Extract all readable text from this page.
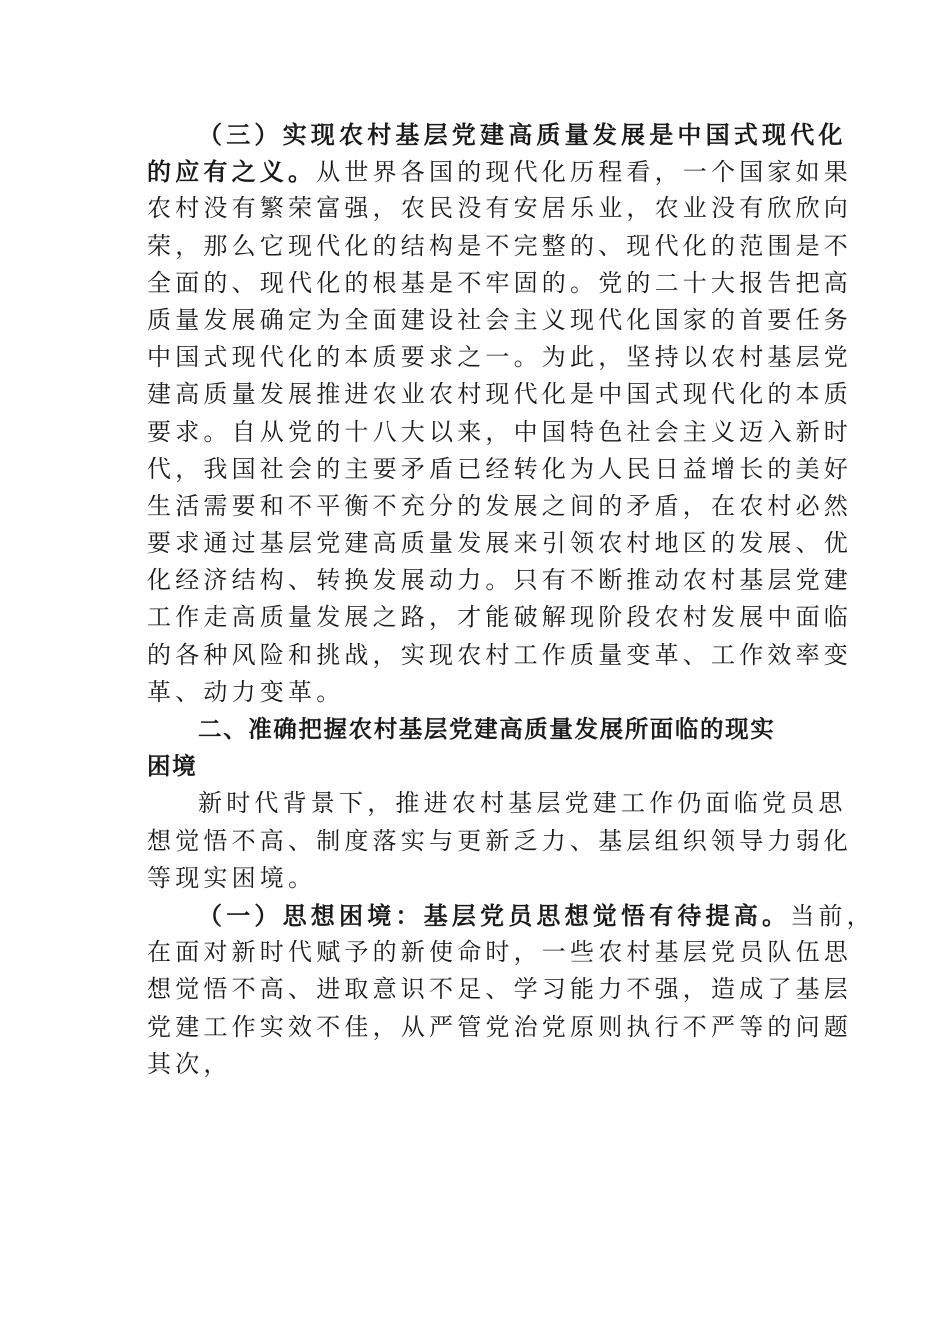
（三）实现农村基层党建高质量发展是中国式现代化
的应有之义。从世界各国的现代化历程看，一个国家如果
农村没有繁荣富强，农民没有安居乐业，农业没有欣欣向
荣，那么它现代化的结构是不完整的、现代化的范围是不
全面的、现代化的根基是不牢固的。党的二十大报告把高
质量发展确定为全面建设社会主义现代化国家的首要任务
中国式现代化的本质要求之一。为此，坚持以农村基层党
建高质量发展推进农业农村现代化是中国式现代化的本质
要求。自从党的十八大以来，中国特色社会主义迈入新时
代，我国社会的主要矛盾已经转化为人民日益增长的美好
生活需要和不平衡不充分的发展之间的矛盾，在农村必然
要求通过基层党建高质量发展来引领农村地区的发展、优
化经济结构、转换发展动力。只有不断推动农村基层党建
工作走高质量发展之路，才能破解现阶段农村发展中面临
的各种风险和挑战，实现农村工作质量变革、工作效率变
革、动力变革。
二、准确把握农村基层党建高质量发展所面临的现实
困境
新时代背景下，推进农村基层党建工作仍面临党员思
想觉悟不高、制度落实与更新乏力、基层组织领导力弱化
等现实困境。
（一）思想困境：基层党员思想觉悟有待提高。当前，
在面对新时代赋予的新使命时，一些农村基层党员队伍思
想觉悟不高、进取意识不足、学习能力不强，造成了基层
党建工作实效不佳，从严管党治党原则执行不严等的问题
其次，
